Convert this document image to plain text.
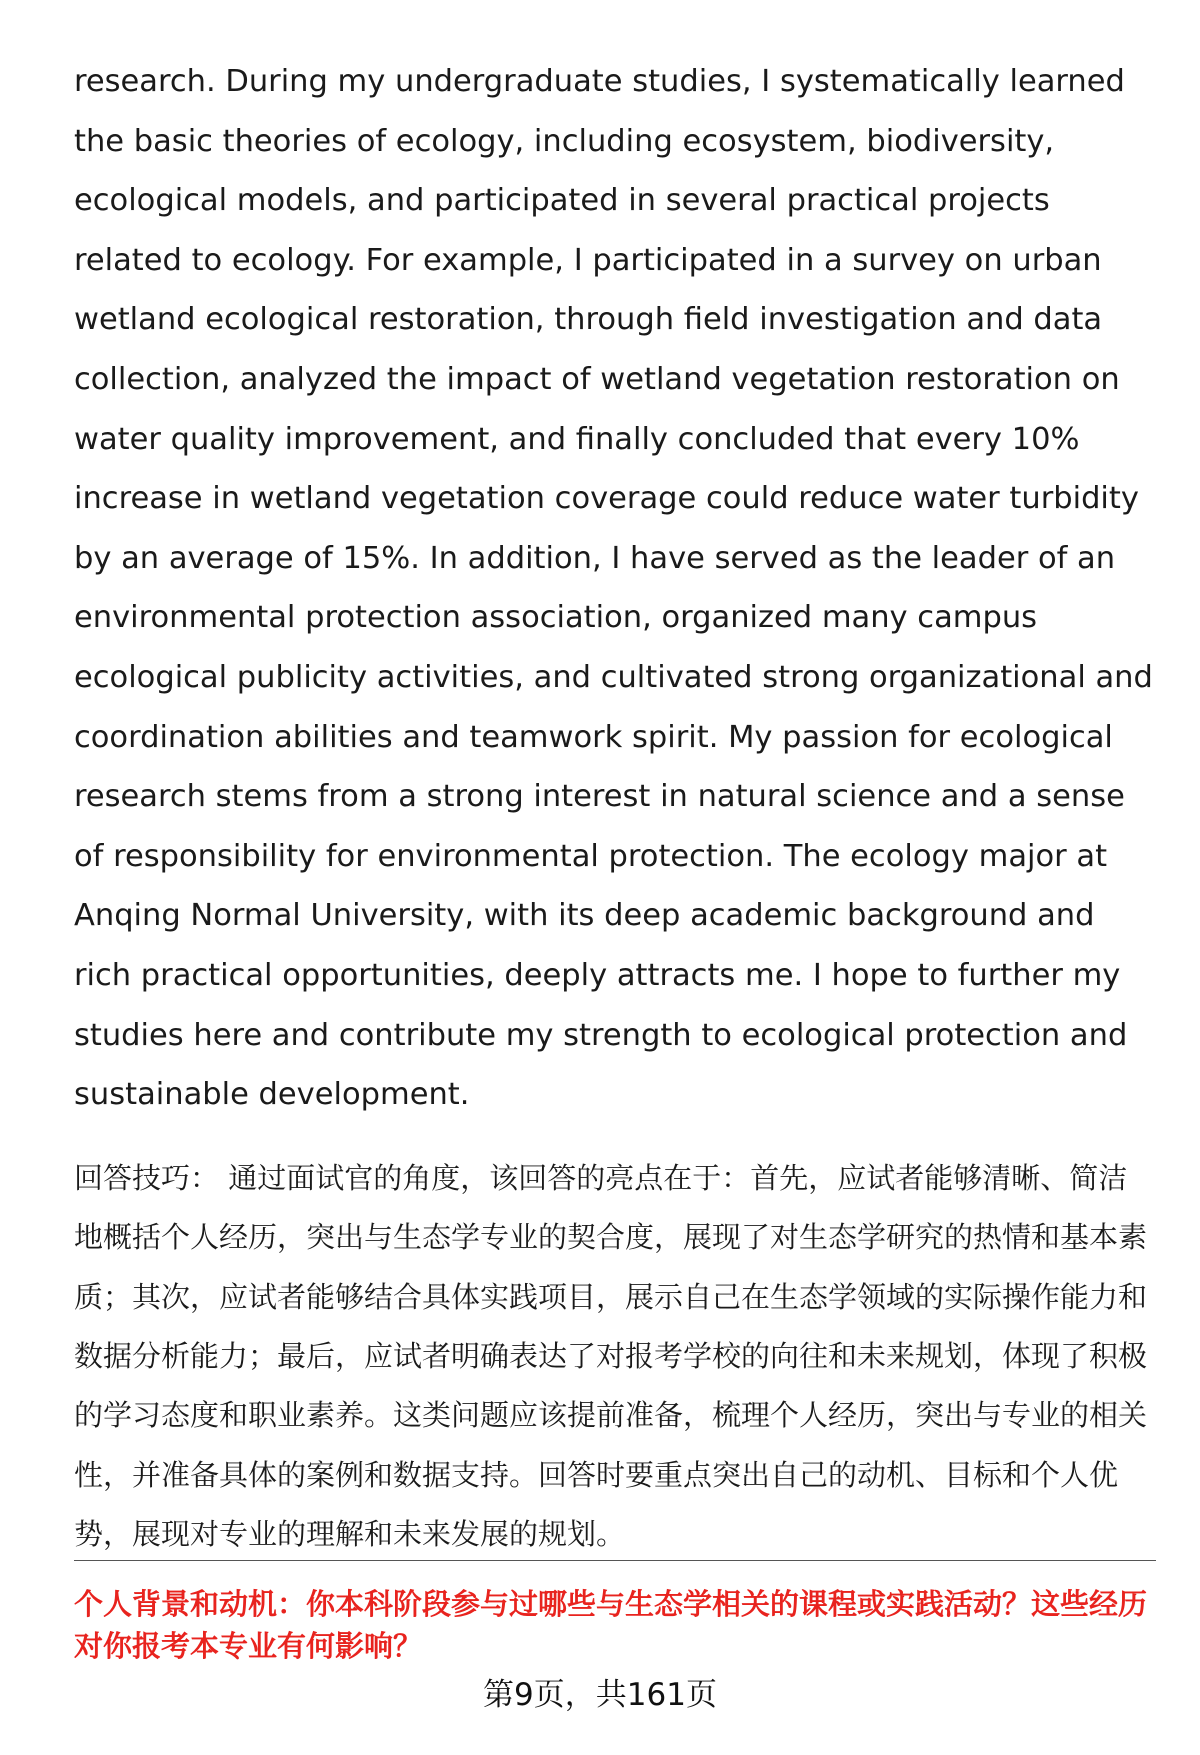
research. During my undergraduate studies, I systematically learned the basic theories of ecology, including ecosystem, biodiversity, ecological models, and participated in several practical projects related to ecology. For example, I participated in a survey on urban wetland ecological restoration, through field investigation and data collection, analyzed the impact of wetland vegetation restoration on water quality improvement, and finally concluded that every 10% increase in wetland vegetation coverage could reduce water turbidity by an average of 15%. In addition, I have served as the leader of an environmental protection association, organized many campus ecological publicity activities, and cultivated strong organizational and coordination abilities and teamwork spirit. My passion for ecological research stems from a strong interest in natural science and a sense of responsibility for environmental protection. The ecology major at Anqing Normal University, with its deep academic background and rich practical opportunities, deeply attracts me. I hope to further my studies here and contribute my strength to ecological protection and sustainable development.

回答技巧： 通过面试官的角度，该回答的亮点在于：首先，应试者能够清晰、简洁地概括个人经历，突出与生态学专业的契合度，展现了对生态学研究的热情和基本素质；其次，应试者能够结合具体实践项目，展示自己在生态学领域的实际操作能力和数据分析能力；最后，应试者明确表达了对报考学校的向往和未来规划，体现了积极的学习态度和职业素养。这类问题应该提前准备，梳理个人经历，突出与专业的相关性，并准备具体的案例和数据支持。回答时要重点突出自己的动机、目标和个人优势，展现对专业的理解和未来发展的规划。

个人背景和动机：你本科阶段参与过哪些与生态学相关的课程或实践活动？这些经历对你报考本专业有何影响？

第9页，共161页
